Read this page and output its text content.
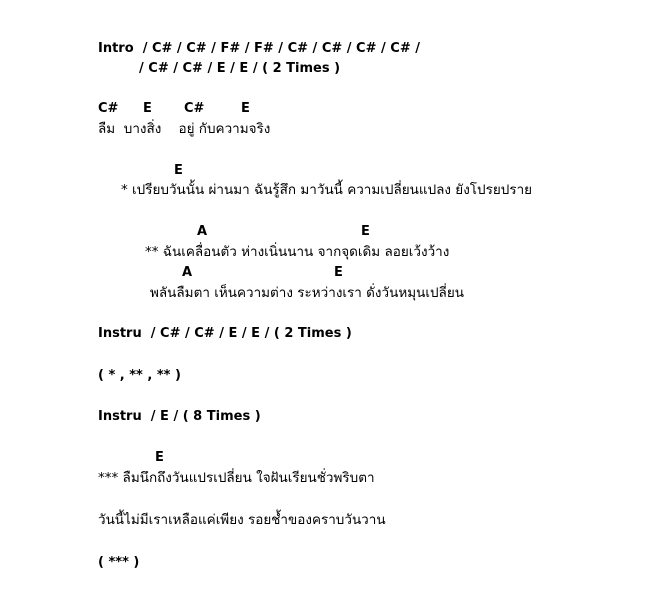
Intro  / C# / C# / F# / F# / C# / C# / C# / C# /
/ C# / C# / E / E / ( 2 Times )
C# E C#	E
ลืม  บางสิ่ง    อยู่ กับความจริง
E
* เปรียบวันนั้น ผ่านมา ฉันรู้สึก มาวันนี้ ความเปลี่ยนแปลง ยังโปรยปราย
A	E
** ฉันเคลื่อนตัว ห่างเนิ่นนาน จากจุดเดิม ลอยเว้งว้าง
A	E
พลันลืมตา เห็นความต่าง ระหว่างเรา ดั่งวันหมุนเปลี่ยน
Instru  / C# / C# / E / E / ( 2 Times )
( * , ** , ** )
Instru  / E / ( 8 Times )
E
*** ลืมนึกถึงวันแปรเปลี่ยน ใจฝันเรียนชั่วพริบตา
วันนี้ไม่มีเราเหลือแค่เพียง รอยช้ำของคราบวันวาน
( *** )
